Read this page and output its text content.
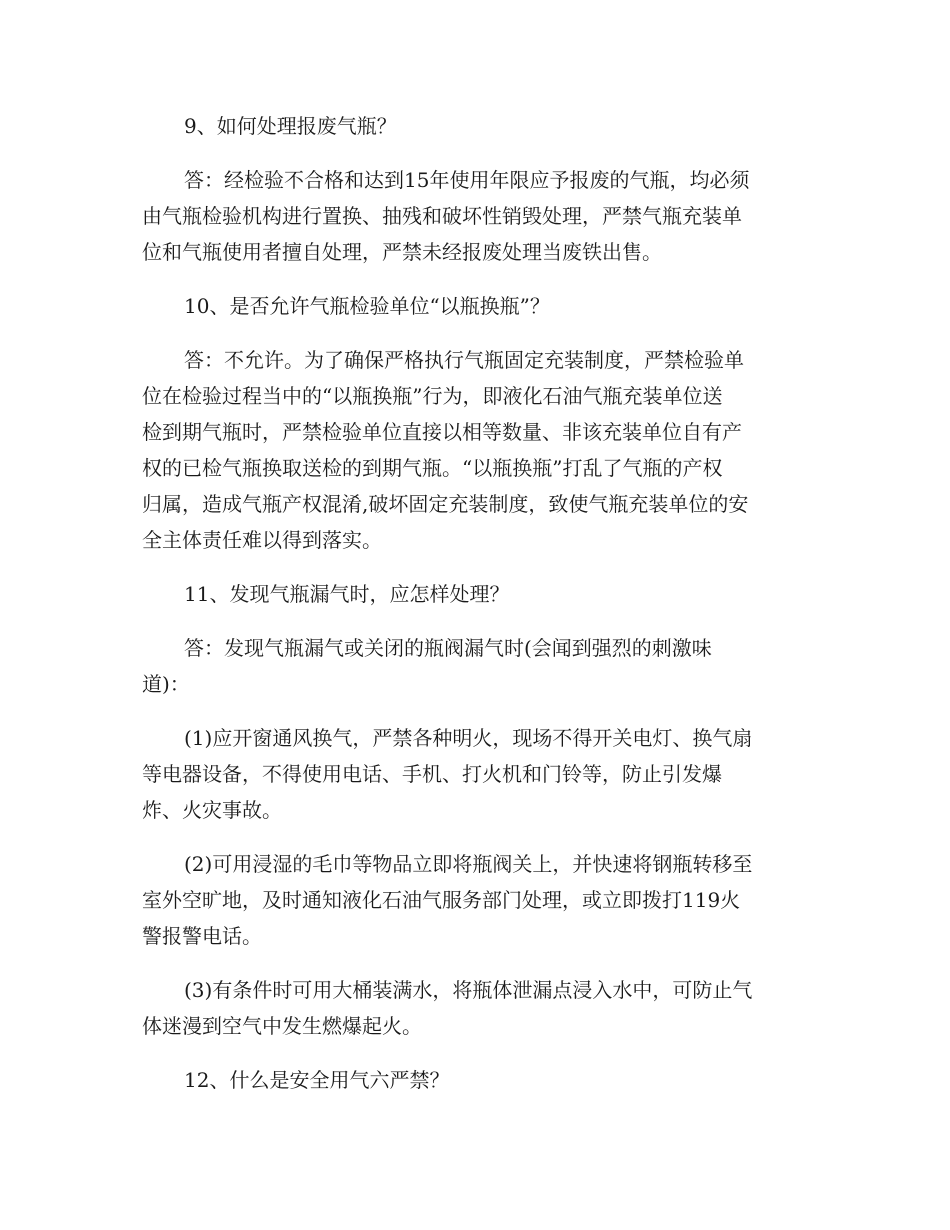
9、如何处理报废气瓶？

答：经检验不合格和达到15年使用年限应予报废的气瓶，均必须
由气瓶检验机构进行置换、抽残和破坏性销毁处理，严禁气瓶充装单
位和气瓶使用者擅自处理，严禁未经报废处理当废铁出售。

10、是否允许气瓶检验单位“以瓶换瓶”？

答：不允许。为了确保严格执行气瓶固定充装制度，严禁检验单
位在检验过程当中的“以瓶换瓶”行为，即液化石油气瓶充装单位送
检到期气瓶时，严禁检验单位直接以相等数量、非该充装单位自有产
权的已检气瓶换取送检的到期气瓶。“以瓶换瓶”打乱了气瓶的产权
归属，造成气瓶产权混淆,破坏固定充装制度，致使气瓶充装单位的安
全主体责任难以得到落实。

11、发现气瓶漏气时，应怎样处理？

答：发现气瓶漏气或关闭的瓶阀漏气时(会闻到强烈的刺激味
道)：

(1)应开窗通风换气，严禁各种明火，现场不得开关电灯、换气扇
等电器设备，不得使用电话、手机、打火机和门铃等，防止引发爆
炸、火灾事故。

(2)可用浸湿的毛巾等物品立即将瓶阀关上，并快速将钢瓶转移至
室外空旷地，及时通知液化石油气服务部门处理，或立即拨打119火
警报警电话。

(3)有条件时可用大桶装满水，将瓶体泄漏点浸入水中，可防止气
体迷漫到空气中发生燃爆起火。

12、什么是安全用气六严禁？
